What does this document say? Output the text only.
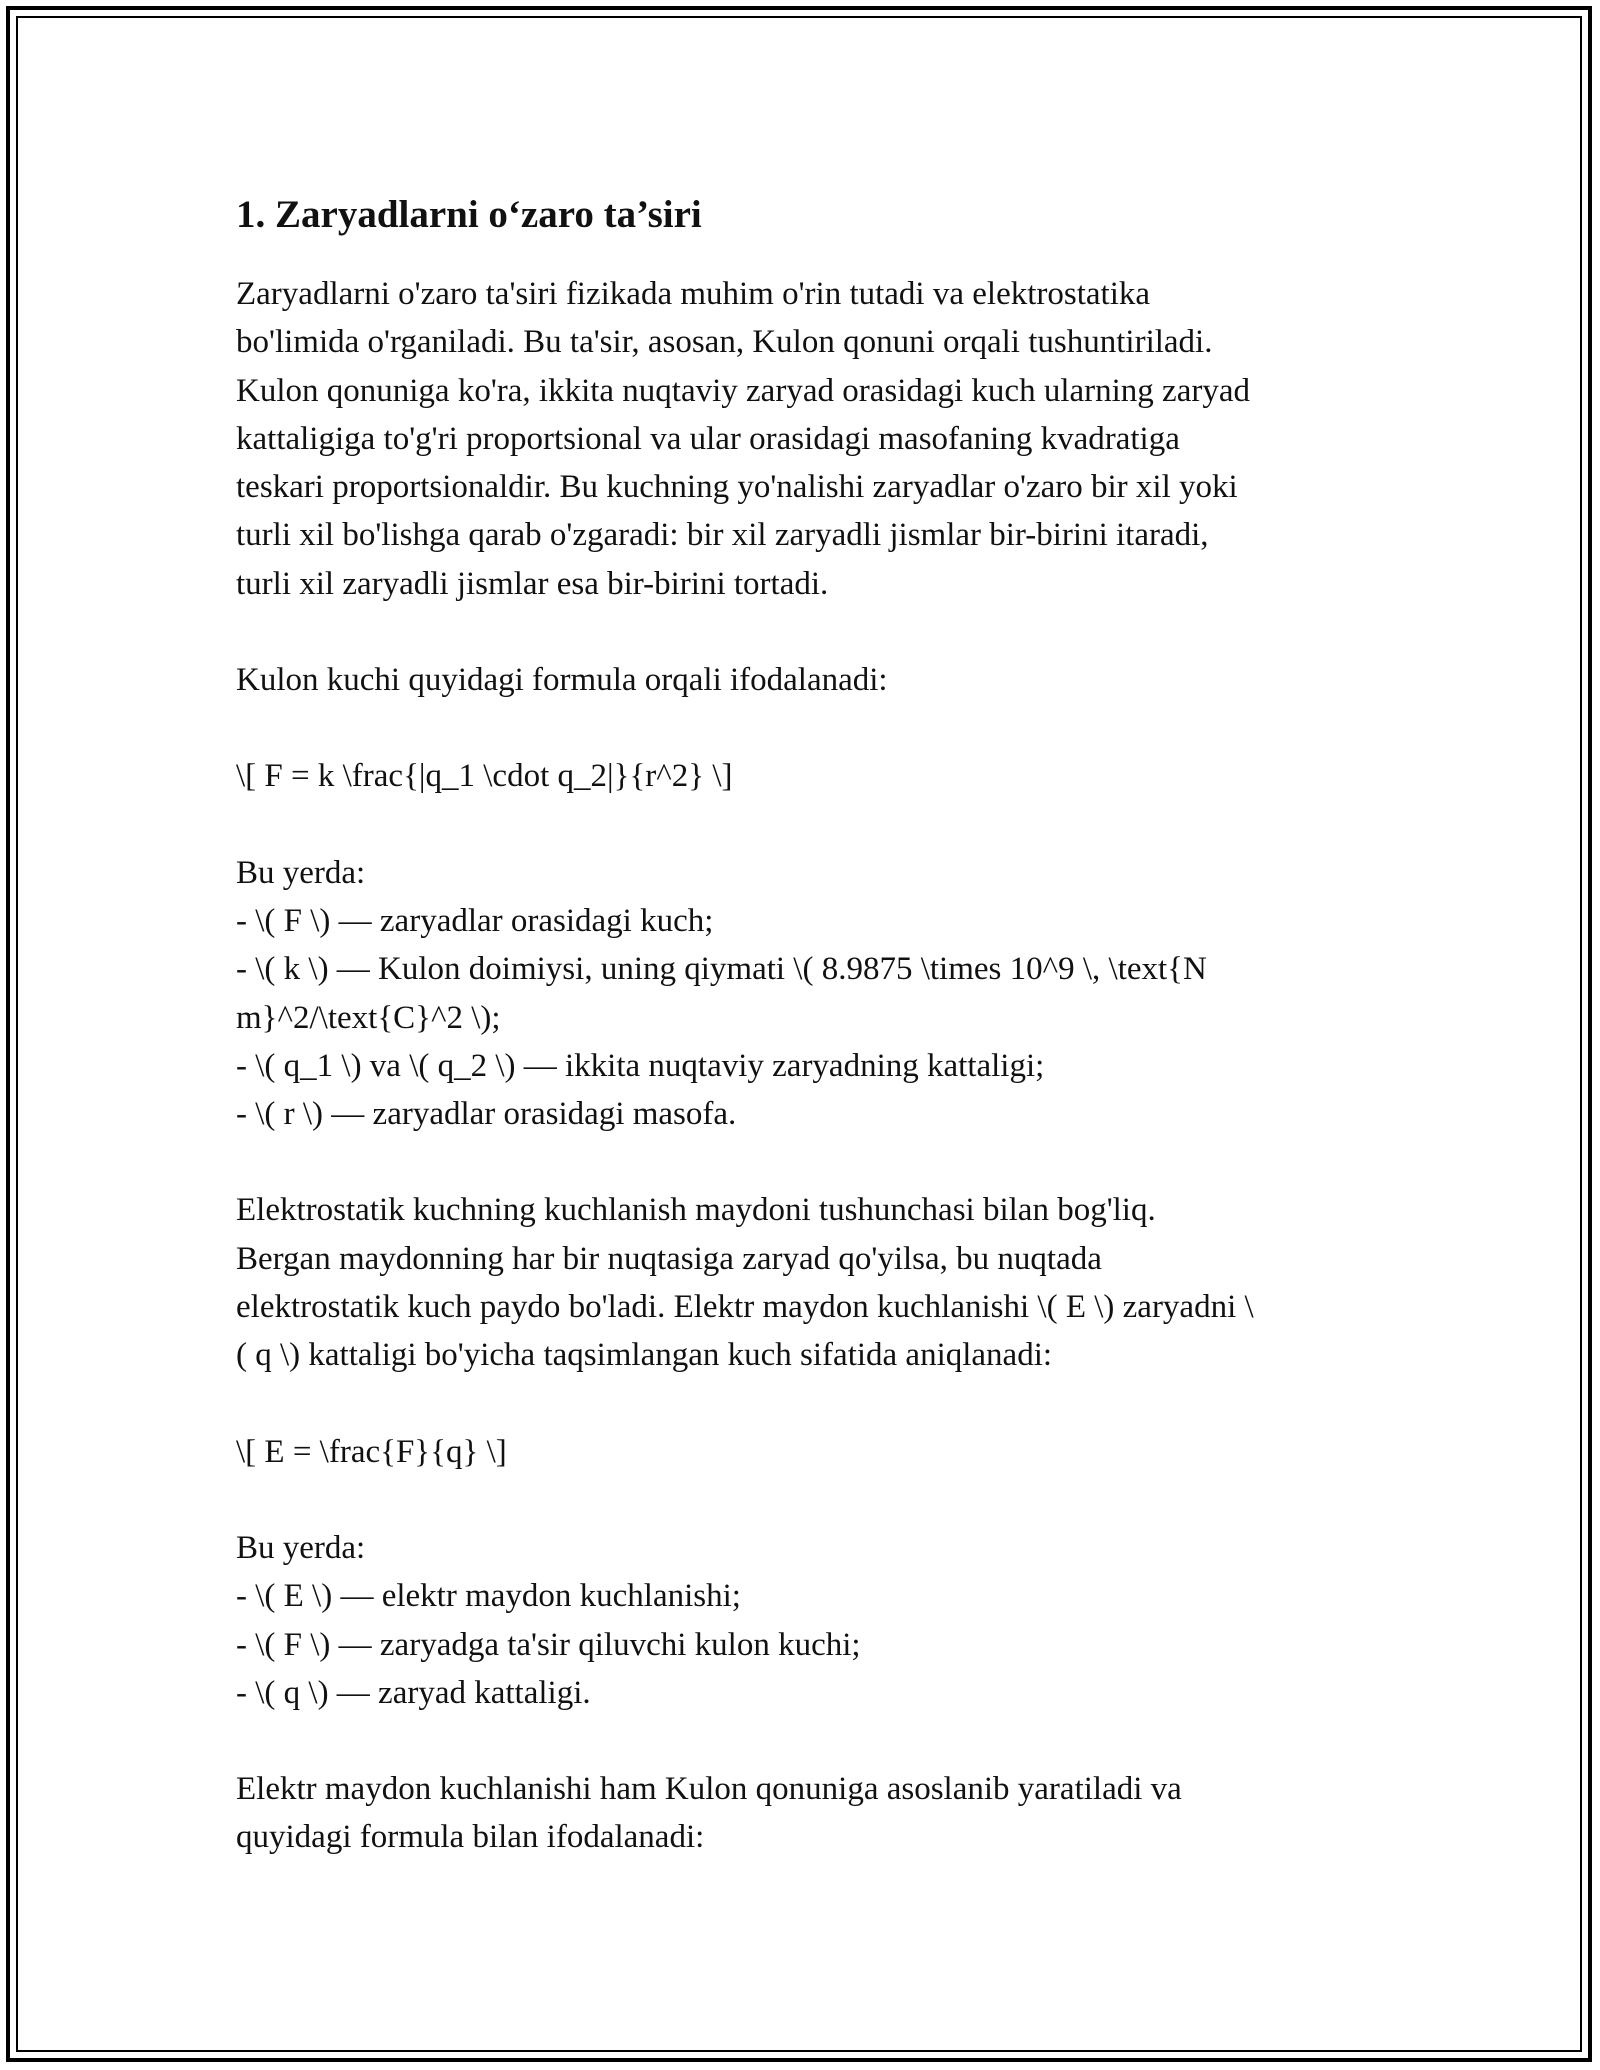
1. Zaryadlarni o‘zaro ta’siri

Zaryadlarni o'zaro ta'siri fizikada muhim o'rin tutadi va elektrostatika
bo'limida o'rganiladi. Bu ta'sir, asosan, Kulon qonuni orqali tushuntiriladi.
Kulon qonuniga ko'ra, ikkita nuqtaviy zaryad orasidagi kuch ularning zaryad
kattaligiga to'g'ri proportsional va ular orasidagi masofaning kvadratiga
teskari proportsionaldir. Bu kuchning yo'nalishi zaryadlar o'zaro bir xil yoki
turli xil bo'lishga qarab o'zgaradi: bir xil zaryadli jismlar bir-birini itaradi,
turli xil zaryadli jismlar esa bir-birini tortadi.

Kulon kuchi quyidagi formula orqali ifodalanadi:

\[ F = k \frac{|q_1 \cdot q_2|}{r^2} \]

Bu yerda:
- \( F \) — zaryadlar orasidagi kuch;
- \( k \) — Kulon doimiysi, uning qiymati \( 8.9875 \times 10^9 \, \text{N
m}^2/\text{C}^2 \);
- \( q_1 \) va \( q_2 \) — ikkita nuqtaviy zaryadning kattaligi;
- \( r \) — zaryadlar orasidagi masofa.

Elektrostatik kuchning kuchlanish maydoni tushunchasi bilan bog'liq.
Bergan maydonning har bir nuqtasiga zaryad qo'yilsa, bu nuqtada
elektrostatik kuch paydo bo'ladi. Elektr maydon kuchlanishi \( E \) zaryadni \
( q \) kattaligi bo'yicha taqsimlangan kuch sifatida aniqlanadi:

\[ E = \frac{F}{q} \]

Bu yerda:
- \( E \) — elektr maydon kuchlanishi;
- \( F \) — zaryadga ta'sir qiluvchi kulon kuchi;
- \( q \) — zaryad kattaligi.

Elektr maydon kuchlanishi ham Kulon qonuniga asoslanib yaratiladi va
quyidagi formula bilan ifodalanadi:
